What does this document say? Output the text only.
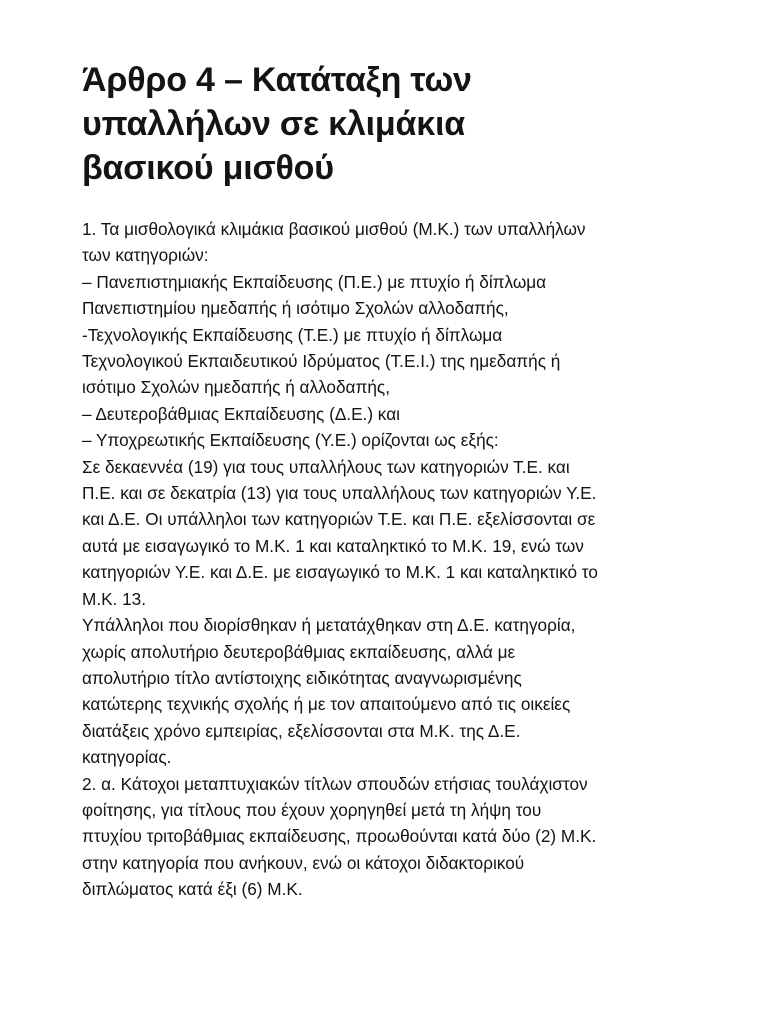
Άρθρο 4 – Κατάταξη των
υπαλλήλων σε κλιμάκια
βασικού μισθού
1. Τα μισθολογικά κλιμάκια βασικού μισθού (Μ.Κ.) των υπαλλήλων
των κατηγοριών:
– Πανεπιστημιακής Εκπαίδευσης (Π.Ε.) με πτυχίο ή δίπλωμα
Πανεπιστημίου ημεδαπής ή ισότιμο Σχολών αλλοδαπής,
-Τεχνολογικής Εκπαίδευσης (Τ.Ε.) με πτυχίο ή δίπλωμα
Τεχνολογικού Εκπαιδευτικού Ιδρύματος (Τ.Ε.Ι.) της ημεδαπής ή
ισότιμο Σχολών ημεδαπής ή αλλοδαπής,
– Δευτεροβάθμιας Εκπαίδευσης (Δ.Ε.) και
– Υποχρεωτικής Εκπαίδευσης (Υ.Ε.) ορίζονται ως εξής:
Σε δεκαεννέα (19) για τους υπαλλήλους των κατηγοριών Τ.Ε. και
Π.Ε. και σε δεκατρία (13) για τους υπαλλήλους των κατηγοριών Υ.Ε.
και Δ.Ε. Οι υπάλληλοι των κατηγοριών Τ.Ε. και Π.Ε. εξελίσσονται σε
αυτά με εισαγωγικό το Μ.Κ. 1 και καταληκτικό το Μ.Κ. 19, ενώ των
κατηγοριών Υ.Ε. και Δ.Ε. με εισαγωγικό το Μ.Κ. 1 και καταληκτικό το
Μ.Κ. 13.
Υπάλληλοι που διορίσθηκαν ή μετατάχθηκαν στη Δ.Ε. κατηγορία,
χωρίς απολυτήριο δευτεροβάθμιας εκπαίδευσης, αλλά με
απολυτήριο τίτλο αντίστοιχης ειδικότητας αναγνωρισμένης
κατώτερης τεχνικής σχολής ή με τον απαιτούμενο από τις οικείες
διατάξεις χρόνο εμπειρίας, εξελίσσονται στα Μ.Κ. της Δ.Ε.
κατηγορίας.
2. α. Κάτοχοι μεταπτυχιακών τίτλων σπουδών ετήσιας τουλάχιστον
φοίτησης, για τίτλους που έχουν χορηγηθεί μετά τη λήψη του
πτυχίου τριτοβάθμιας εκπαίδευσης, προωθούνται κατά δύο (2) Μ.Κ.
στην κατηγορία που ανήκουν, ενώ οι κάτοχοι διδακτορικού
διπλώματος κατά έξι (6) Μ.Κ.
